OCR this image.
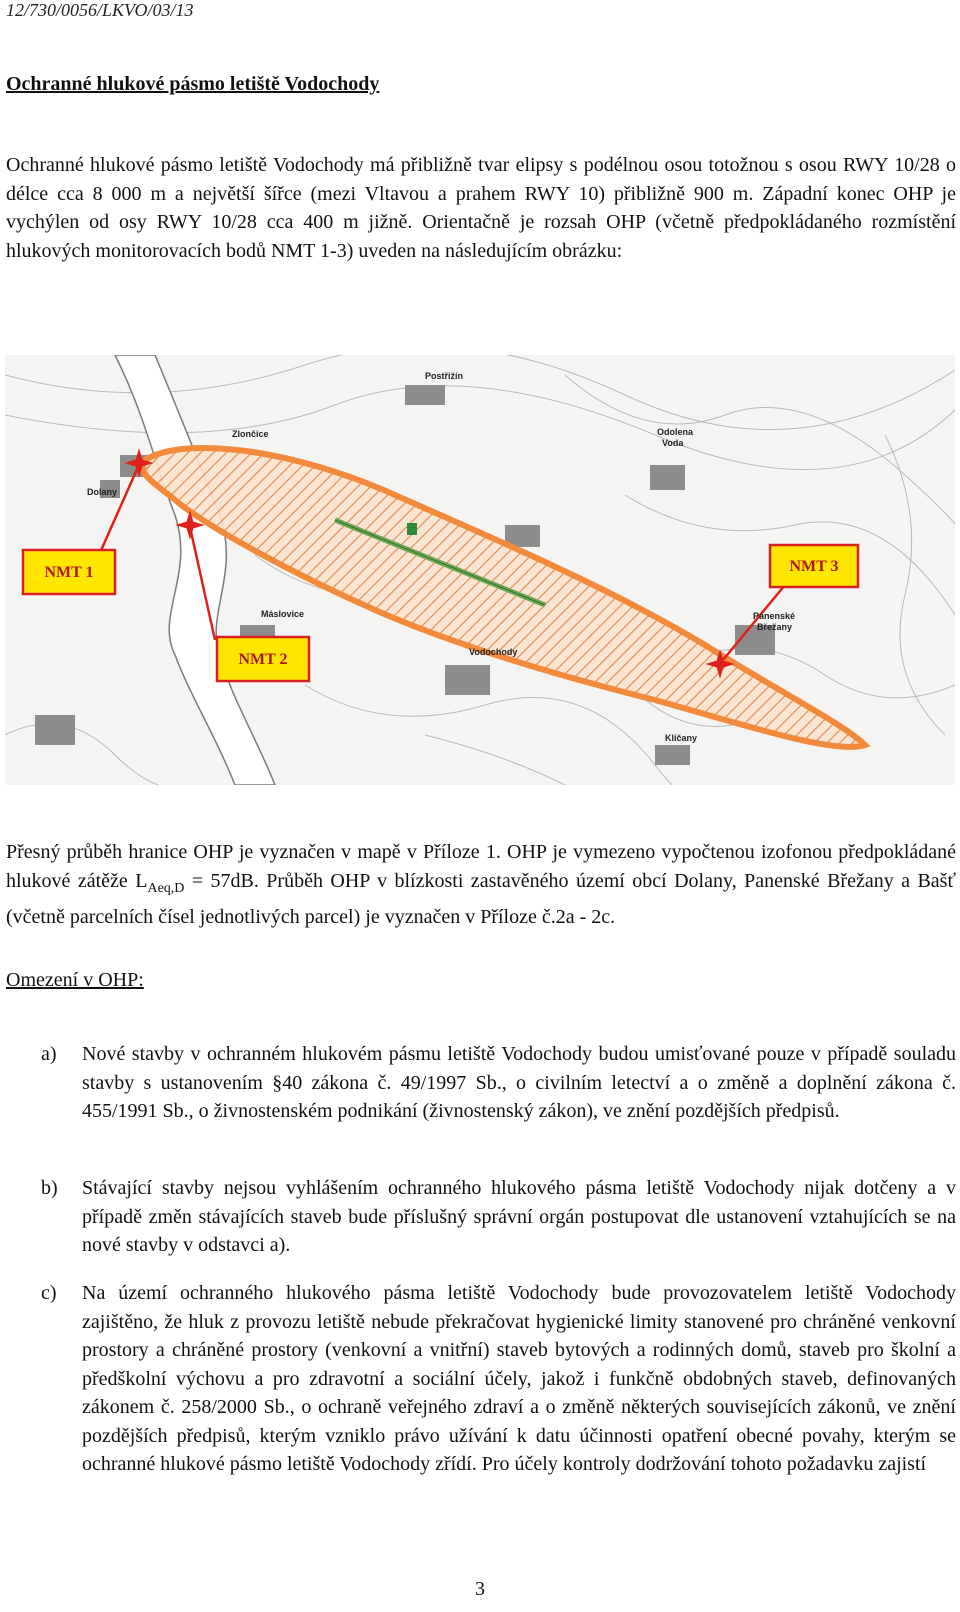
12/730/0056/LKVO/03/13
Ochranné hlukové pásmo letiště Vodochody
Ochranné hlukové pásmo letiště Vodochody má přibližně tvar elipsy s podélnou osou totožnou s osou RWY 10/28 o délce cca 8 000 m a největší šířce (mezi Vltavou a prahem RWY 10) přibližně 900 m. Západní konec OHP je vychýlen od osy RWY 10/28 cca 400 m jižně. Orientačně je rozsah OHP (včetně předpokládaného rozmístění hlukových monitorovacích bodů NMT 1-3) uveden na následujícím obrázku:
NMT 1
NMT 2
NMT 3
Postřižín
Zlončice
Dolany
Odolena
Voda
Panenské
Břežany
Máslovice
Vodochody
Klíčany
Přesný průběh hranice OHP je vyznačen v mapě v Příloze 1. OHP je vymezeno vypočtenou izofonou předpokládané hlukové zátěže $L_{Aeq,D} = 57dB$. Průběh OHP v blízkosti zastavěného území obcí Dolany, Panenské Břežany a Bašť (včetně parcelních čísel jednotlivých parcel) je vyznačen v Příloze č.2a - 2c.
Omezení v OHP:
a) Nové stavby v ochranném hlukovém pásmu letiště Vodochody budou umisťované pouze v případě souladu stavby s ustanovením §40 zákona č. 49/1997 Sb., o civilním letectví a o změně a doplnění zákona č. 455/1991 Sb., o živnostenském podnikání (živnostenský zákon), ve znění pozdějších předpisů.
b) Stávající stavby nejsou vyhlášením ochranného hlukového pásma letiště Vodochody nijak dotčeny a v případě změn stávajících staveb bude příslušný správní orgán postupovat dle ustanovení vztahujících se na nové stavby v odstavci a).
c) Na území ochranného hlukového pásma letiště Vodochody bude provozovatelem letiště Vodochody zajištěno, že hluk z provozu letiště nebude překračovat hygienické limity stanovené pro chráněné venkovní prostory a chráněné prostory (venkovní a vnitřní) staveb bytových a rodinných domů, staveb pro školní a předškolní výchovu a pro zdravotní a sociální účely, jakož i funkčně obdobných staveb, definovaných zákonem č. 258/2000 Sb., o ochraně veřejného zdraví a o změně některých souvisejících zákonů, ve znění pozdějších předpisů, kterým vzniklo právo užívání k datu účinnosti opatření obecné povahy, kterým se ochranné hlukové pásmo letiště Vodochody zřídí. Pro účely kontroly dodržování tohoto požadavku zajistí
3
